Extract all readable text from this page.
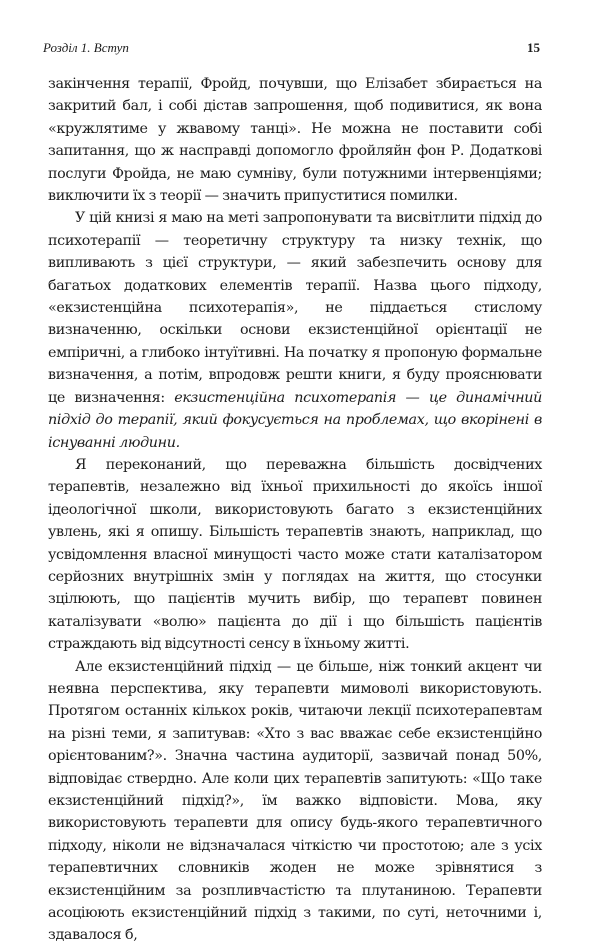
Розділ 1. Вступ	15

закінчення терапії, Фройд, почувши, що Елізабет збирається на закритий бал, і собі дістав запрошення, щоб подивитися, як вона «кружлятиме у жвавому танці». Не можна не поставити собі запитання, що ж насправді допомогло фройляйн фон Р. Додаткові послуги Фройда, не маю сумніву, були потужними інтервенціями; виключити їх з теорії — значить припуститися помилки.

У цій книзі я маю на меті запропонувати та висвітлити підхід до психотерапії — теоретичну структуру та низку технік, що випливають з цієї структури, — який забезпечить основу для багатьох додаткових елементів терапії. Назва цього підходу, «екзистенційна психотерапія», не піддається стислому визначенню, оскільки основи екзистенційної орієнтації не емпіричні, а глибоко інтуїтивні. На початку я пропоную формальне визначення, а потім, впродовж решти книги, я буду прояснювати це визначення: екзистенційна психотерапія — це динамічний підхід до терапії, який фокусується на проблемах, що вкорінені в існуванні людини.

Я переконаний, що переважна більшість досвідчених терапевтів, незалежно від їхньої прихильності до якоїсь іншої ідеологічної школи, використовують багато з екзистенційних увлень, які я опишу. Більшість терапевтів знають, наприклад, що усвідомлення власної минущості часто може стати каталізатором серйозних внутрішніх змін у поглядах на життя, що стосунки зцілюють, що пацієнтів мучить вибір, що терапевт повинен каталізувати «волю» пацієнта до дії і що більшість пацієнтів страждають від відсутності сенсу в їхньому житті.

Але екзистенційний підхід — це більше, ніж тонкий акцент чи неявна перспектива, яку терапевти мимоволі використовують. Протягом останніх кількох років, читаючи лекції психотерапевтам на різні теми, я запитував: «Хто з вас вважає себе екзистенційно орієнтованим?». Значна частина аудиторії, зазвичай понад 50%, відповідає ствердно. Але коли цих терапевтів запитують: «Що таке екзистенційний підхід?», їм важко відповісти. Мова, яку використовують терапевти для опису будь-якого терапевтичного підходу, ніколи не відзначалася чіткістю чи простотою; але з усіх терапевтичних словників жоден не може зрівнятися з екзистенційним за розпливчастістю та плутаниною. Терапевти асоціюють екзистенційний підхід з такими, по суті, неточними і, здавалося б,
